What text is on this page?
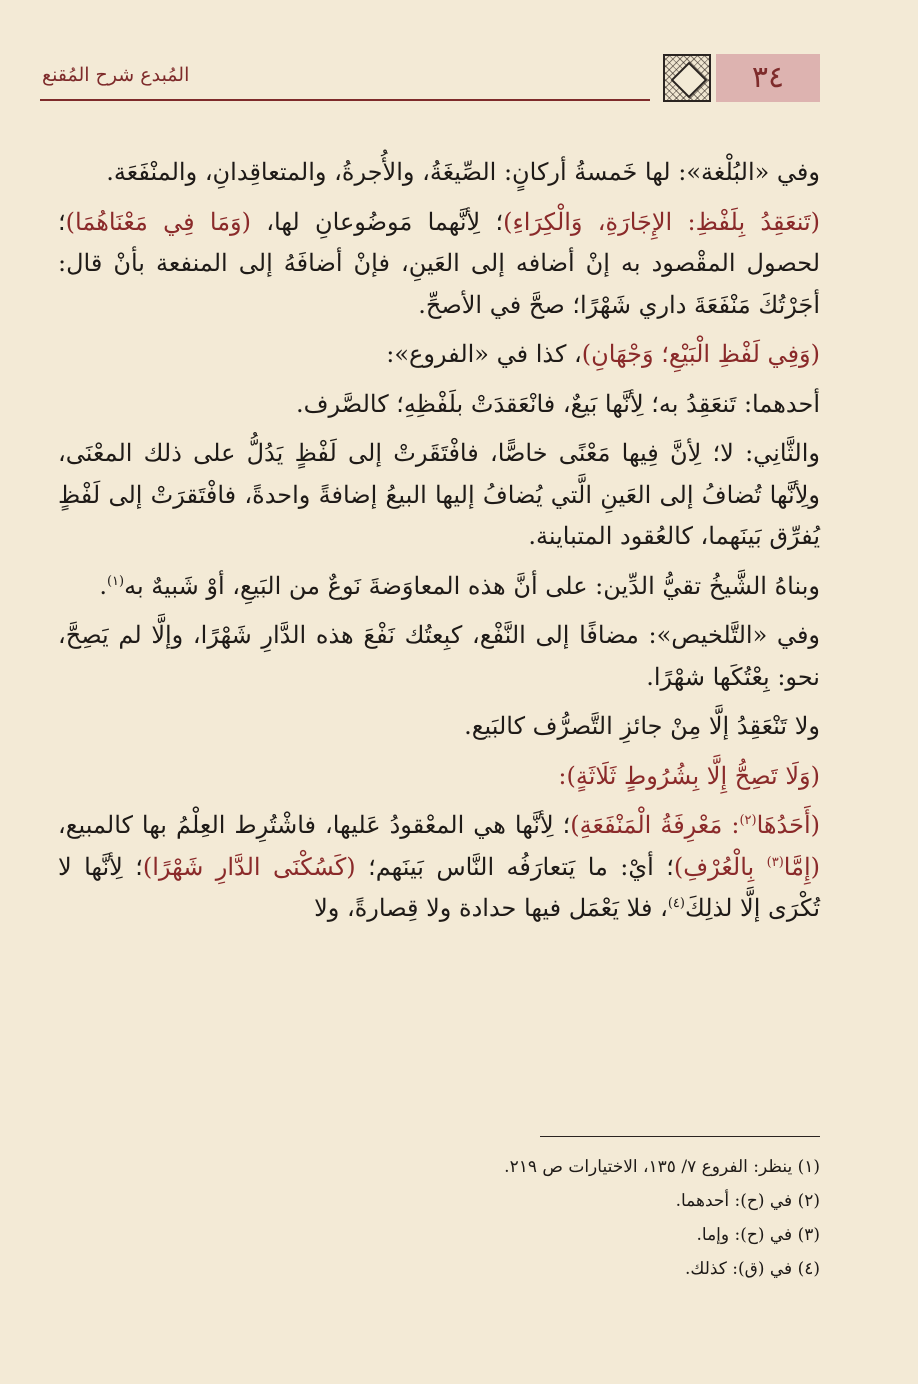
المُبدع شرح المُقنع	٣٤

وفي «البُلْغة»: لها خَمسةُ أركانٍ: الصِّيغَةُ، والأُجرةُ، والمتعاقِدانِ، والمنْفَعَة.

(تَنعَقِدُ بِلَفْظِ: الإِجَارَةِ، وَالْكِرَاءِ)؛ لِأنَّهما مَوضُوعانِ لها، (وَمَا فِي مَعْنَاهُمَا)؛ لحصول المقْصود به إنْ أضافه إلى العَينِ، فإنْ أضافَهُ إلى المنفعة بأنْ قال: أجَرْتُكَ مَنْفَعَةَ داري شَهْرًا؛ صحَّ في الأصحِّ.

(وَفِي لَفْظِ الْبَيْعِ؛ وَجْهَانِ)، كذا في «الفروع»:

أحدهما: تَنعَقِدُ به؛ لِأنَّها بَيعٌ، فانْعَقدَتْ بلَفْظِهِ؛ كالصَّرف.

والثَّانِي: لا؛ لِأنَّ فِيها مَعْنًى خاصًّا، فافْتَقَرتْ إلى لَفْظٍ يَدُلُّ على ذلك المعْنَى، ولِأنَّها تُضافُ إلى العَينِ الَّتي يُضافُ إليها البيعُ إضافةً واحدةً، فافْتَقرَتْ إلى لَفْظٍ يُفرِّق بَينَهما، كالعُقود المتباينة.

وبناهُ الشَّيخُ تقيُّ الدِّين: على أنَّ هذه المعاوَضةَ نَوعٌ من البَيعِ، أوْ شَبيهٌ به$^{(١)}$.

وفي «التَّلخيص»: مضافًا إلى النَّفْع، كبِعتُك نَفْعَ هذه الدَّارِ شَهْرًا، وإلَّا لم يَصِحَّ، نحو: بِعْتُكَها شهْرًا.

ولا تَنْعَقِدُ إلَّا مِنْ جائزِ التَّصرُّف كالبَيع.

(وَلَا تَصِحُّ إِلَّا بِشُرُوطٍ ثَلَاثَةٍ):

(أَحَدُهَا$^{(٢)}$: مَعْرِفَةُ الْمَنْفَعَةِ)؛ لِأنَّها هي المعْقودُ عَليها، فاشْتُرِط العِلْمُ بها كالمبيع، (إِمَّا$^{(٣)}$ بِالْعُرْفِ)؛ أيْ: ما يَتعارَفُه النَّاس بَينَهم؛ (كَسُكْنَى الدَّارِ شَهْرًا)؛ لِأنَّها لا تُكْرَى إلَّا لذلِكَ$^{(٤)}$، فلا يَعْمَل فيها حدادة ولا قِصارةً، ولا

(١) ينظر: الفروع ٧/ ١٣٥، الاختيارات ص ٢١٩.
(٢) في (ح): أحدهما.
(٣) في (ح): وإما.
(٤) في (ق): كذلك.
